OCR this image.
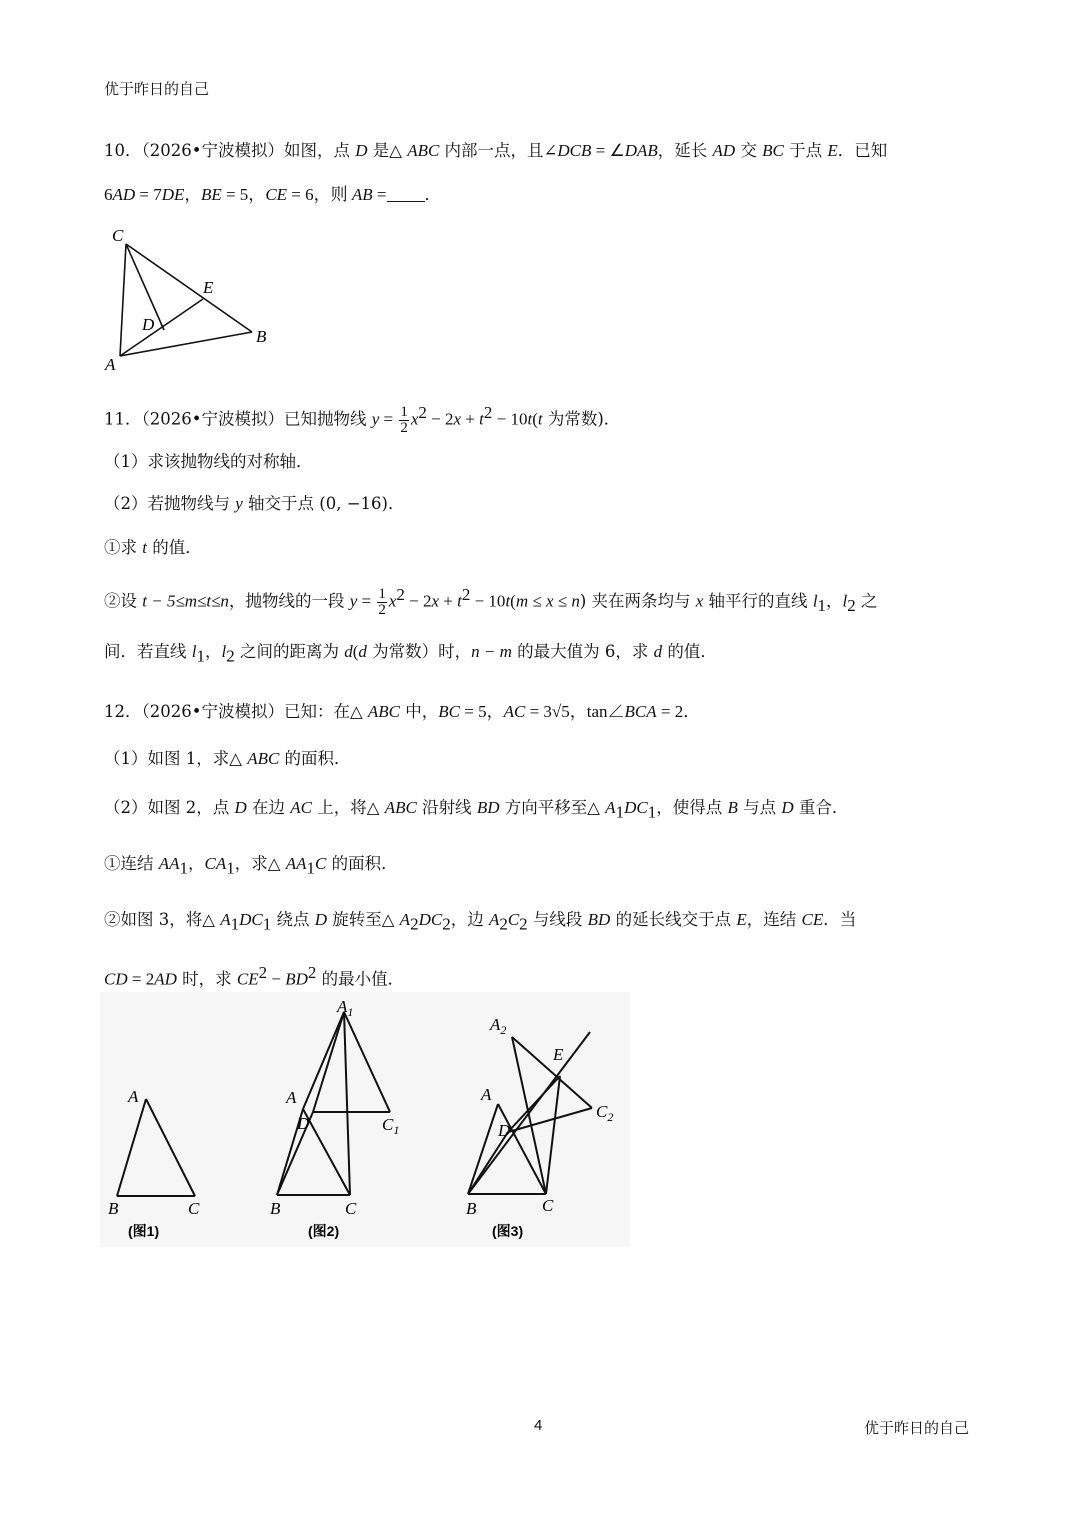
优于昨日的自己
10．（2026•宁波模拟）如图，点 D 是△ ABC 内部一点，且∠DCB = ∠DAB，延长 AD 交 BC 于点 E．已知
6AD = 7DE，BE = 5，CE = 6，则 AB = ．
C
E
D
B
A
11．（2026•宁波模拟）已知抛物线 $y = \frac{1}{2} x^2 - 2x + t^2 - 10t(t$ 为常数)．
（1）求该抛物线的对称轴．
（2）若抛物线与 y 轴交于点 (0, −16)．
①求 t 的值．
②设 t − 5≤m≤t≤n，抛物线的一段 $y = \frac{1}{2} x^2 - 2x + t^2 - 10t(m \le x \le n)$ 夹在两条均与 x 轴平行的直线 $l_1$，$l_2$ 之
间．若直线 $l_1$，$l_2$ 之间的距离为 d(d 为常数）时，n − m 的最大值为 6，求 d 的值．
12．（2026•宁波模拟）已知：在△ ABC 中，BC = 5，AC = 3√5，tan∠BCA = 2．
（1）如图 1，求△ ABC 的面积．
（2）如图 2，点 D 在边 AC 上，将△ ABC 沿射线 BD 方向平移至△ $A_1DC_1$，使得点 B 与点 D 重合．
①连结 $AA_1$，$CA_1$，求△ $AA_1C$ 的面积．
②如图 3，将△ $A_1DC_1$ 绕点 D 旋转至△ $A_2DC_2$，边 $A_2C_2$ 与线段 BD 的延长线交于点 E，连结 CE．当
CD = 2AD 时，求 $CE^2 - BD^2$ 的最小值．
A
B	C
(图1)
$A_1$
A
D	$C_1$
B	C
(图2)
$A_2$
E
A
D
$C_2$
B	C
(图3)
4	优于昨日的自己
